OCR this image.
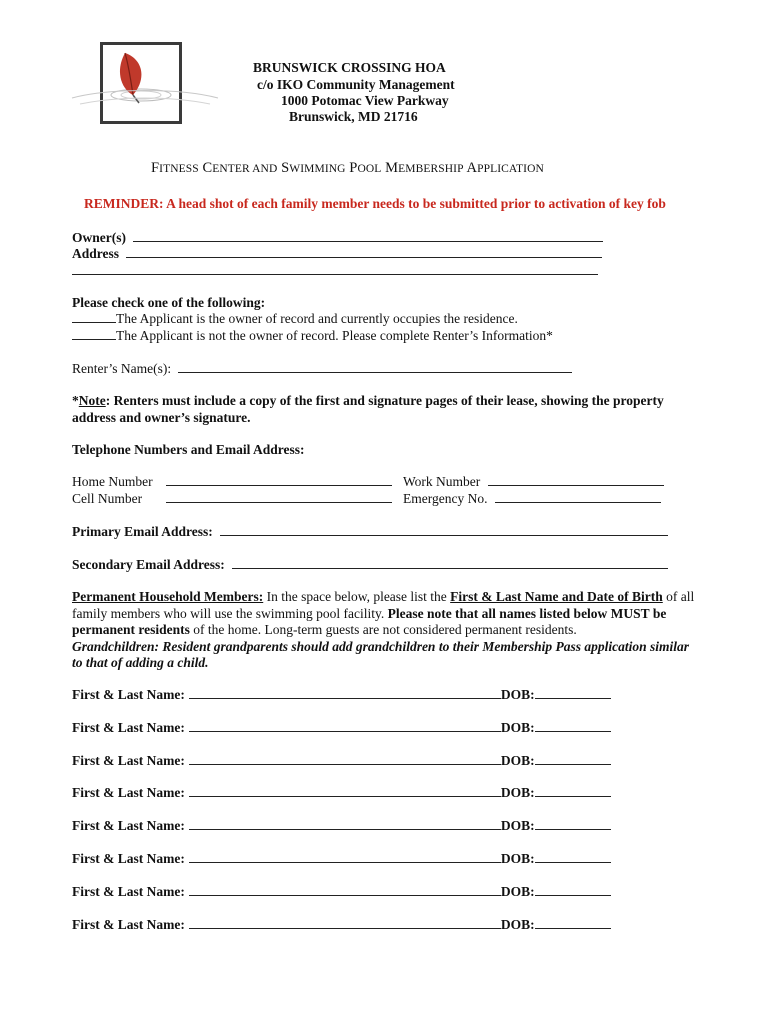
BRUNSWICK CROSSING HOA
c/o IKO Community Management
1000 Potomac View Parkway
Brunswick, MD 21716
FITNESS CENTER AND SWIMMING POOL MEMBERSHIP APPLICATION
REMINDER: A head shot of each family member needs to be submitted prior to activation of key fob
Owner(s)
Address
Please check one of the following:
The Applicant is the owner of record and currently occupies the residence.
The Applicant is not the owner of record. Please complete Renter’s Information*
Renter’s Name(s):
*Note: Renters must include a copy of the first and signature pages of their lease, showing the property address and owner’s signature.
Telephone Numbers and Email Address:
Home Number	Work Number
Cell Number	Emergency No.
Primary Email Address:
Secondary Email Address:
Permanent Household Members: In the space below, please list the First & Last Name and Date of Birth of all family members who will use the swimming pool facility. Please note that all names listed below MUST be permanent residents of the home. Long-term guests are not considered permanent residents.
Grandchildren: Resident grandparents should add grandchildren to their Membership Pass application similar to that of adding a child.
First & Last Name:	DOB:
First & Last Name:	DOB:
First & Last Name:	DOB:
First & Last Name:	DOB:
First & Last Name:	DOB:
First & Last Name:	DOB:
First & Last Name:	DOB:
First & Last Name:	DOB:
